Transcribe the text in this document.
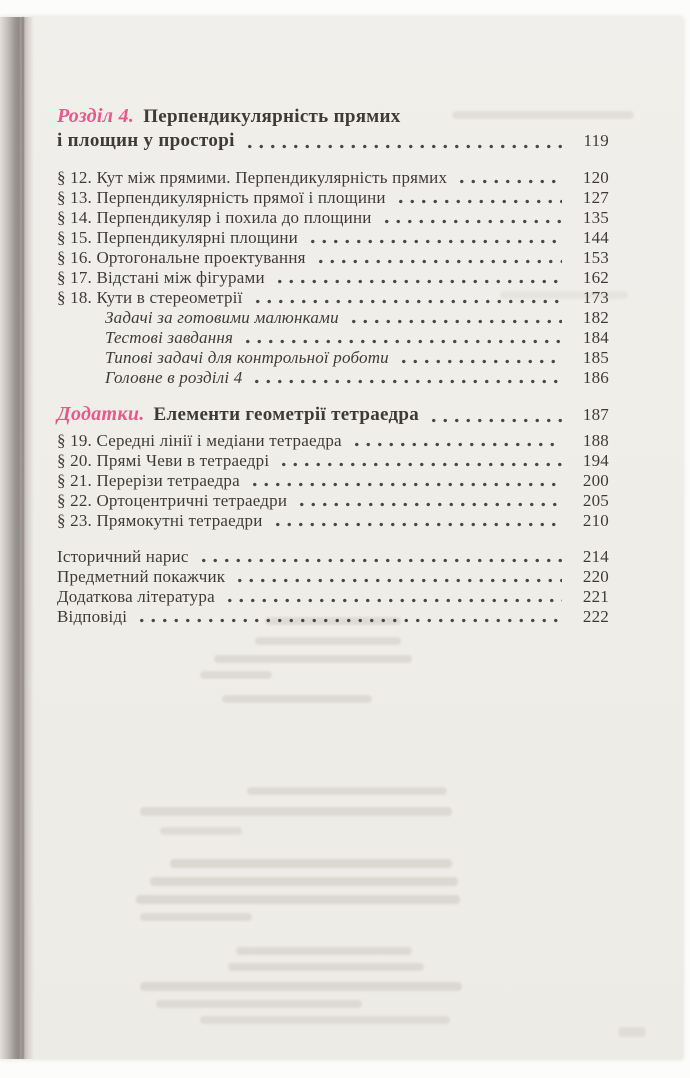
Розділ 4. Перпендикулярність прямих
і площин у просторі	119
§ 12. Кут між прямими. Перпендикулярність прямих	120
§ 13. Перпендикулярність прямої і площини	127
§ 14. Перпендикуляр і похила до площини	135
§ 15. Перпендикулярні площини	144
§ 16. Ортогональне проектування	153
§ 17. Відстані між фігурами	162
§ 18. Кути в стереометрії	173
Задачі за готовими малюнками	182
Тестові завдання	184
Типові задачі для контрольної роботи	185
Головне в розділі 4	186
Додатки. Елементи геометрії тетраедра	187
§ 19. Середні лінії і медіани тетраедра	188
§ 20. Прямі Чеви в тетраедрі	194
§ 21. Перерізи тетраедра	200
§ 22. Ортоцентричні тетраедри	205
§ 23. Прямокутні тетраедри	210
Історичний нарис	214
Предметний покажчик	220
Додаткова література	221
Відповіді	222
